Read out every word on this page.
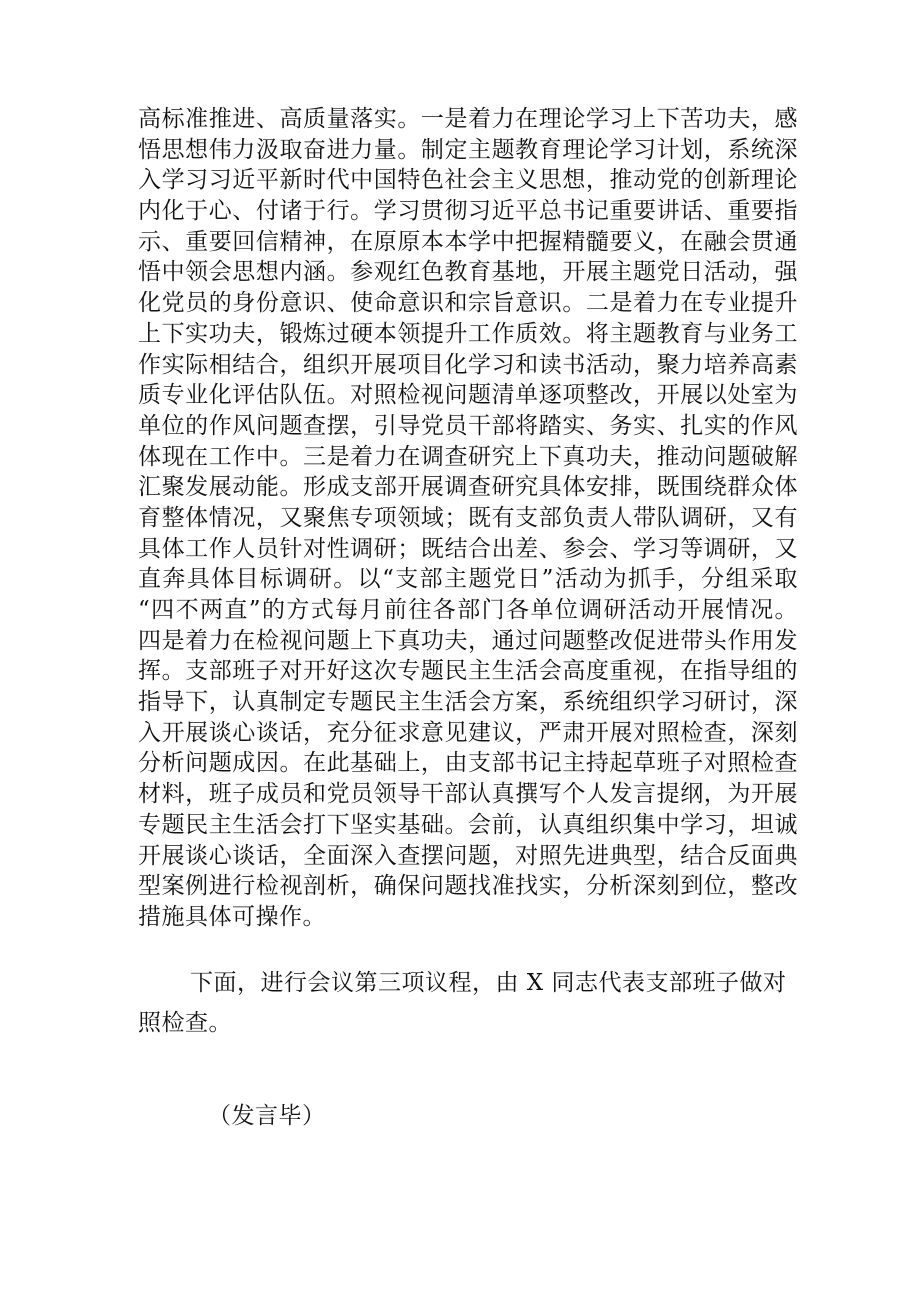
高标准推进、高质量落实。一是着力在理论学习上下苦功夫，感
悟思想伟力汲取奋进力量。制定主题教育理论学习计划，系统深
入学习习近平新时代中国特色社会主义思想，推动党的创新理论
内化于心、付诸于行。学习贯彻习近平总书记重要讲话、重要指
示、重要回信精神，在原原本本学中把握精髓要义，在融会贯通
悟中领会思想内涵。参观红色教育基地，开展主题党日活动，强
化党员的身份意识、使命意识和宗旨意识。二是着力在专业提升
上下实功夫，锻炼过硬本领提升工作质效。将主题教育与业务工
作实际相结合，组织开展项目化学习和读书活动，聚力培养高素
质专业化评估队伍。对照检视问题清单逐项整改，开展以处室为
单位的作风问题查摆，引导党员干部将踏实、务实、扎实的作风
体现在工作中。三是着力在调查研究上下真功夫，推动问题破解
汇聚发展动能。形成支部开展调查研究具体安排，既围绕群众体
育整体情况，又聚焦专项领域；既有支部负责人带队调研，又有
具体工作人员针对性调研；既结合出差、参会、学习等调研，又
直奔具体目标调研。以“支部主题党日”活动为抓手，分组采取
“四不两直”的方式每月前往各部门各单位调研活动开展情况。
四是着力在检视问题上下真功夫，通过问题整改促进带头作用发
挥。支部班子对开好这次专题民主生活会高度重视，在指导组的
指导下，认真制定专题民主生活会方案，系统组织学习研讨，深
入开展谈心谈话，充分征求意见建议，严肃开展对照检查，深刻
分析问题成因。在此基础上，由支部书记主持起草班子对照检查
材料，班子成员和党员领导干部认真撰写个人发言提纲，为开展
专题民主生活会打下坚实基础。会前，认真组织集中学习，坦诚
开展谈心谈话，全面深入查摆问题，对照先进典型，结合反面典
型案例进行检视剖析，确保问题找准找实，分析深刻到位，整改
措施具体可操作。
下面，进行会议第三项议程，由 X 同志代表支部班子做对
照检查。
（发言毕）
